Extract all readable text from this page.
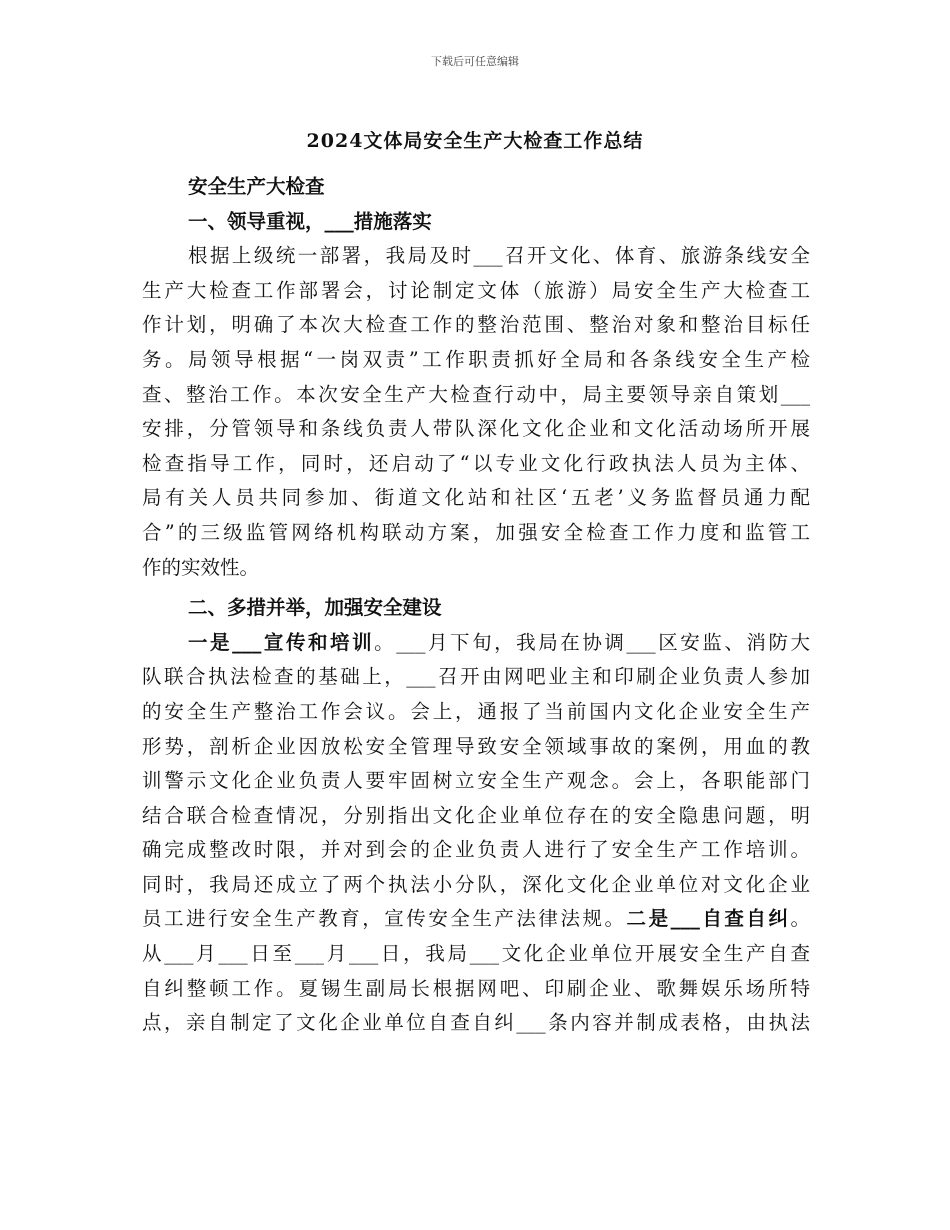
下载后可任意编辑
2024文体局安全生产大检查工作总结
安全生产大检查
一、领导重视，___措施落实
根据上级统一部署，我局及时___召开文化、体育、旅游条线安全
生产大检查工作部署会，讨论制定文体（旅游）局安全生产大检查工
作计划，明确了本次大检查工作的整治范围、整治对象和整治目标任
务。局领导根据“一岗双责”工作职责抓好全局和各条线安全生产检
查、整治工作。本次安全生产大检查行动中，局主要领导亲自策划___
安排，分管领导和条线负责人带队深化文化企业和文化活动场所开展
检查指导工作，同时，还启动了“以专业文化行政执法人员为主体、
局有关人员共同参加、街道文化站和社区‘五老’义务监督员通力配
合”的三级监管网络机构联动方案，加强安全检查工作力度和监管工
作的实效性。
二、多措并举，加强安全建设
一是___宣传和培训。___月下旬，我局在协调___区安监、消防大
队联合执法检查的基础上，___召开由网吧业主和印刷企业负责人参加
的安全生产整治工作会议。会上，通报了当前国内文化企业安全生产
形势，剖析企业因放松安全管理导致安全领域事故的案例，用血的教
训警示文化企业负责人要牢固树立安全生产观念。会上，各职能部门
结合联合检查情况，分别指出文化企业单位存在的安全隐患问题，明
确完成整改时限，并对到会的企业负责人进行了安全生产工作培训。
同时，我局还成立了两个执法小分队，深化文化企业单位对文化企业
员工进行安全生产教育，宣传安全生产法律法规。二是___自查自纠。
从___月___日至___月___日，我局___文化企业单位开展安全生产自查
自纠整顿工作。夏锡生副局长根据网吧、印刷企业、歌舞娱乐场所特
点，亲自制定了文化企业单位自查自纠___条内容并制成表格，由执法
